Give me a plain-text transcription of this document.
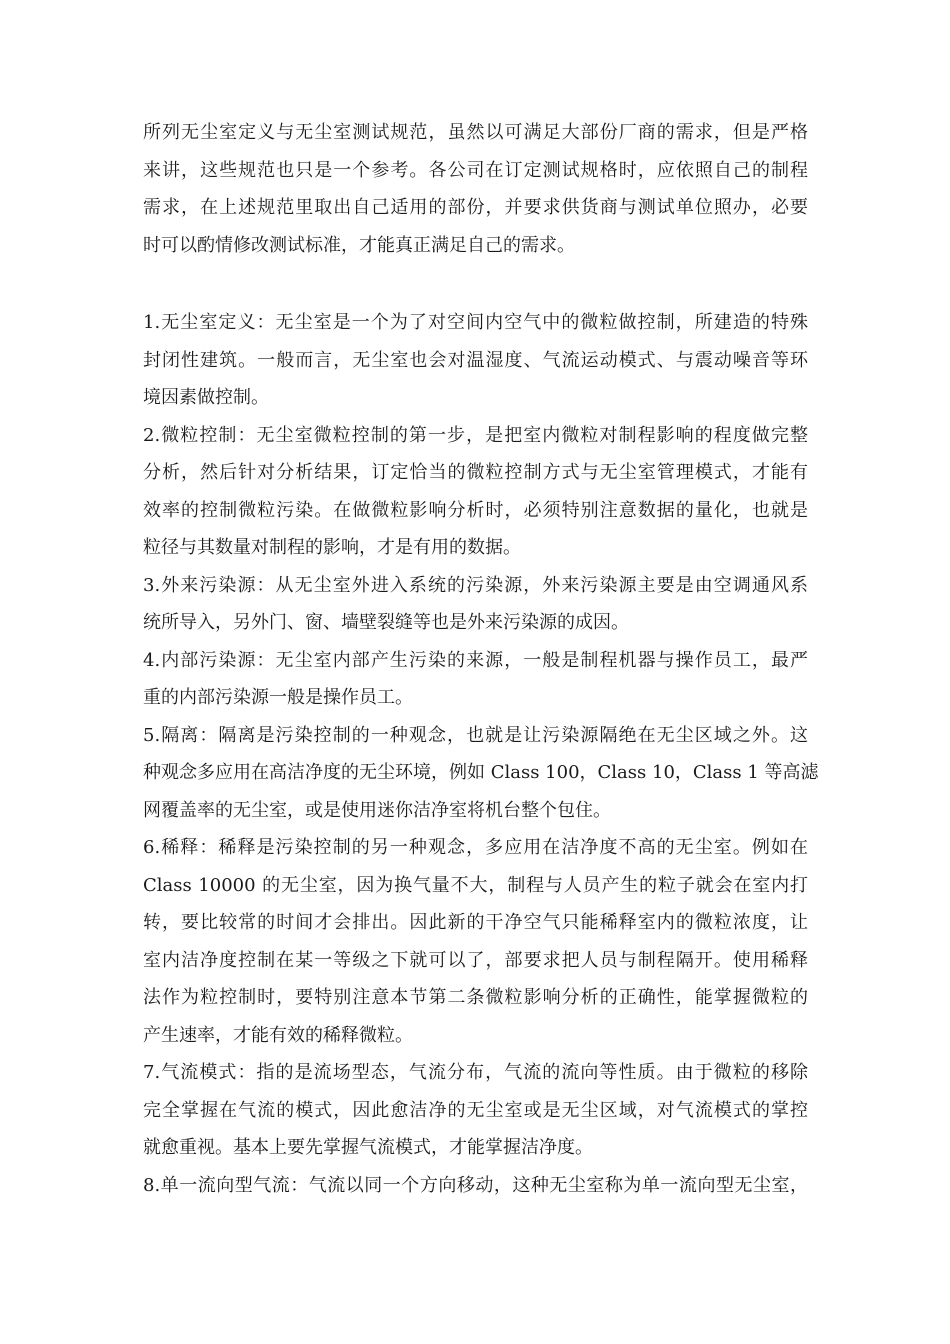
所列无尘室定义与无尘室测试规范，虽然以可满足大部份厂商的需求，但是严格
来讲，这些规范也只是一个参考。各公司在订定测试规格时，应依照自己的制程
需求，在上述规范里取出自己适用的部份，并要求供货商与测试单位照办，必要
时可以酌情修改测试标准，才能真正满足自己的需求。
1.无尘室定义：无尘室是一个为了对空间内空气中的微粒做控制，所建造的特殊
封闭性建筑。一般而言，无尘室也会对温湿度、气流运动模式、与震动噪音等环
境因素做控制。
2.微粒控制：无尘室微粒控制的第一步，是把室内微粒对制程影响的程度做完整
分析，然后针对分析结果，订定恰当的微粒控制方式与无尘室管理模式，才能有
效率的控制微粒污染。在做微粒影响分析时，必须特别注意数据的量化，也就是
粒径与其数量对制程的影响，才是有用的数据。
3.外来污染源：从无尘室外进入系统的污染源，外来污染源主要是由空调通风系
统所导入，另外门、窗、墙壁裂缝等也是外来污染源的成因。
4.内部污染源：无尘室内部产生污染的来源，一般是制程机器与操作员工，最严
重的内部污染源一般是操作员工。
5.隔离：隔离是污染控制的一种观念，也就是让污染源隔绝在无尘区域之外。这
种观念多应用在高洁净度的无尘环境，例如 Class 100，Class 10，Class 1 等高滤
网覆盖率的无尘室，或是使用迷你洁净室将机台整个包住。
6.稀释：稀释是污染控制的另一种观念，多应用在洁净度不高的无尘室。例如在
Class 10000 的无尘室，因为换气量不大，制程与人员产生的粒子就会在室内打
转，要比较常的时间才会排出。因此新的干净空气只能稀释室内的微粒浓度，让
室内洁净度控制在某一等级之下就可以了，部要求把人员与制程隔开。使用稀释
法作为粒控制时，要特别注意本节第二条微粒影响分析的正确性，能掌握微粒的
产生速率，才能有效的稀释微粒。
7.气流模式：指的是流场型态，气流分布，气流的流向等性质。由于微粒的移除
完全掌握在气流的模式，因此愈洁净的无尘室或是无尘区域，对气流模式的掌控
就愈重视。基本上要先掌握气流模式，才能掌握洁净度。
8.单一流向型气流：气流以同一个方向移动，这种无尘室称为单一流向型无尘室，
